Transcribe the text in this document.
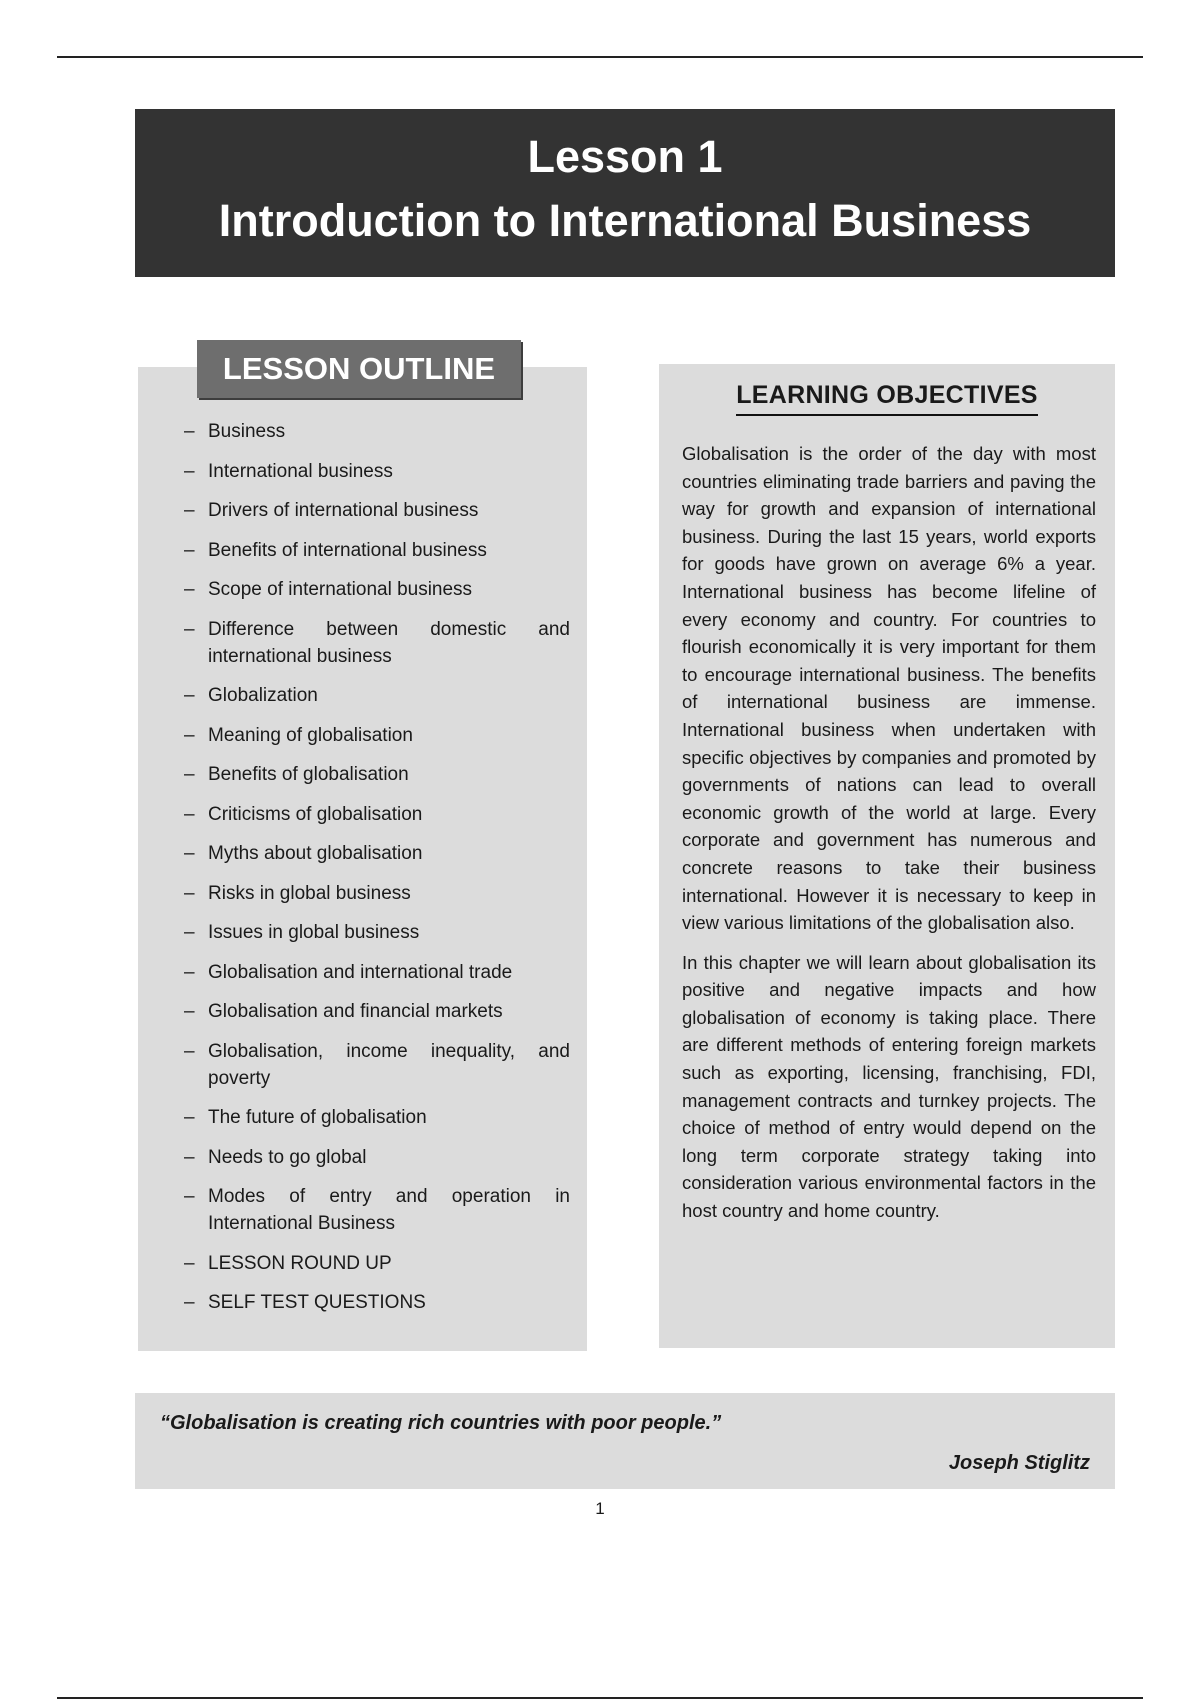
Lesson 1
Introduction to International Business
LESSON OUTLINE
– Business
– International business
– Drivers of international business
– Benefits of international business
– Scope of international business
– Difference between domestic and international business
– Globalization
– Meaning of globalisation
– Benefits of globalisation
– Criticisms of globalisation
– Myths about globalisation
– Risks in global business
– Issues in global business
– Globalisation and international trade
– Globalisation and financial markets
– Globalisation, income inequality, and poverty
– The future of globalisation
– Needs to go global
– Modes of entry and operation in International Business
– LESSON ROUND UP
– SELF TEST QUESTIONS
LEARNING OBJECTIVES

Globalisation is the order of the day with most countries eliminating trade barriers and paving the way for growth and expansion of international business. During the last 15 years, world exports for goods have grown on average 6% a year. International business has become lifeline of every economy and country. For countries to flourish economically it is very important for them to encourage international business. The benefits of international business are immense. International business when undertaken with specific objectives by companies and promoted by governments of nations can lead to overall economic growth of the world at large. Every corporate and government has numerous and concrete reasons to take their business international. However it is necessary to keep in view various limitations of the globalisation also.

In this chapter we will learn about globalisation its positive and negative impacts and how globalisation of economy is taking place. There are different methods of entering foreign markets such as exporting, licensing, franchising, FDI, management contracts and turnkey projects. The choice of method of entry would depend on the long term corporate strategy taking into consideration various environmental factors in the host country and home country.

“Globalisation is creating rich countries with poor people.”
Joseph Stiglitz
1
